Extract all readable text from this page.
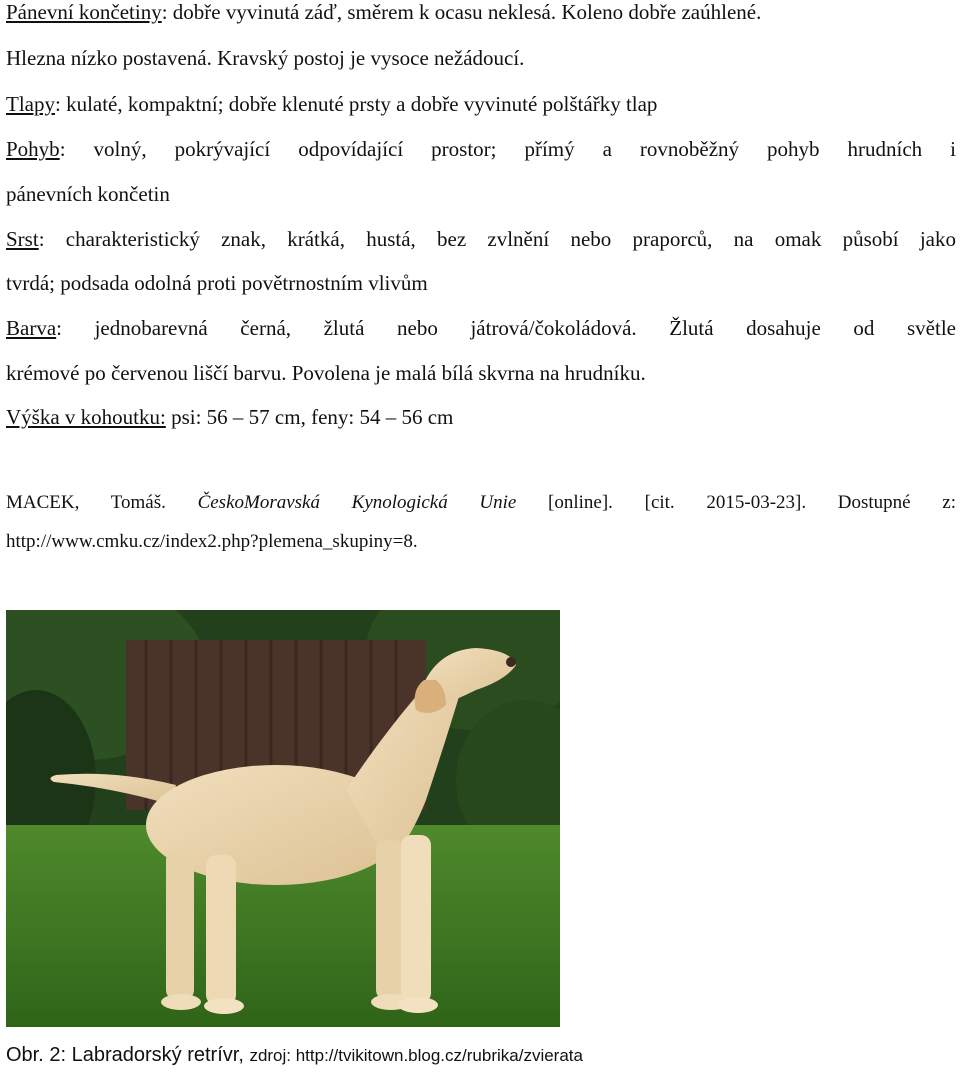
Pánevní končetiny: dobře vyvinutá záď, směrem k ocasu neklesá. Koleno dobře zaúhlené.
Hlezna nízko postavená. Kravský postoj je vysoce nežádoucí.
Tlapy: kulaté, kompaktní; dobře klenuté prsty a dobře vyvinuté polštářky tlap
Pohyb: volný, pokrývající odpovídající prostor; přímý a rovnoběžný pohyb hrudních i
pánevních končetin
Srst: charakteristický znak, krátká, hustá, bez zvlnění nebo praporců, na omak působí jako
tvrdá; podsada odolná proti povětrnostním vlivům
Barva: jednobarevná černá, žlutá nebo játrová/čokoládová. Žlutá dosahuje od světle
krémové po červenou liščí barvu. Povolena je malá bílá skvrna na hrudníku.
Výška v kohoutku: psi: 56 – 57 cm, feny: 54 – 56 cm
MACEK, Tomáš. ČeskoMoravská Kynologická Unie [online]. [cit. 2015-03-23]. Dostupné z:
http://www.cmku.cz/index2.php?plemena_skupiny=8.
Obr. 2: Labradorský retrívr, zdroj: http://tvikitown.blog.cz/rubrika/zvierata
